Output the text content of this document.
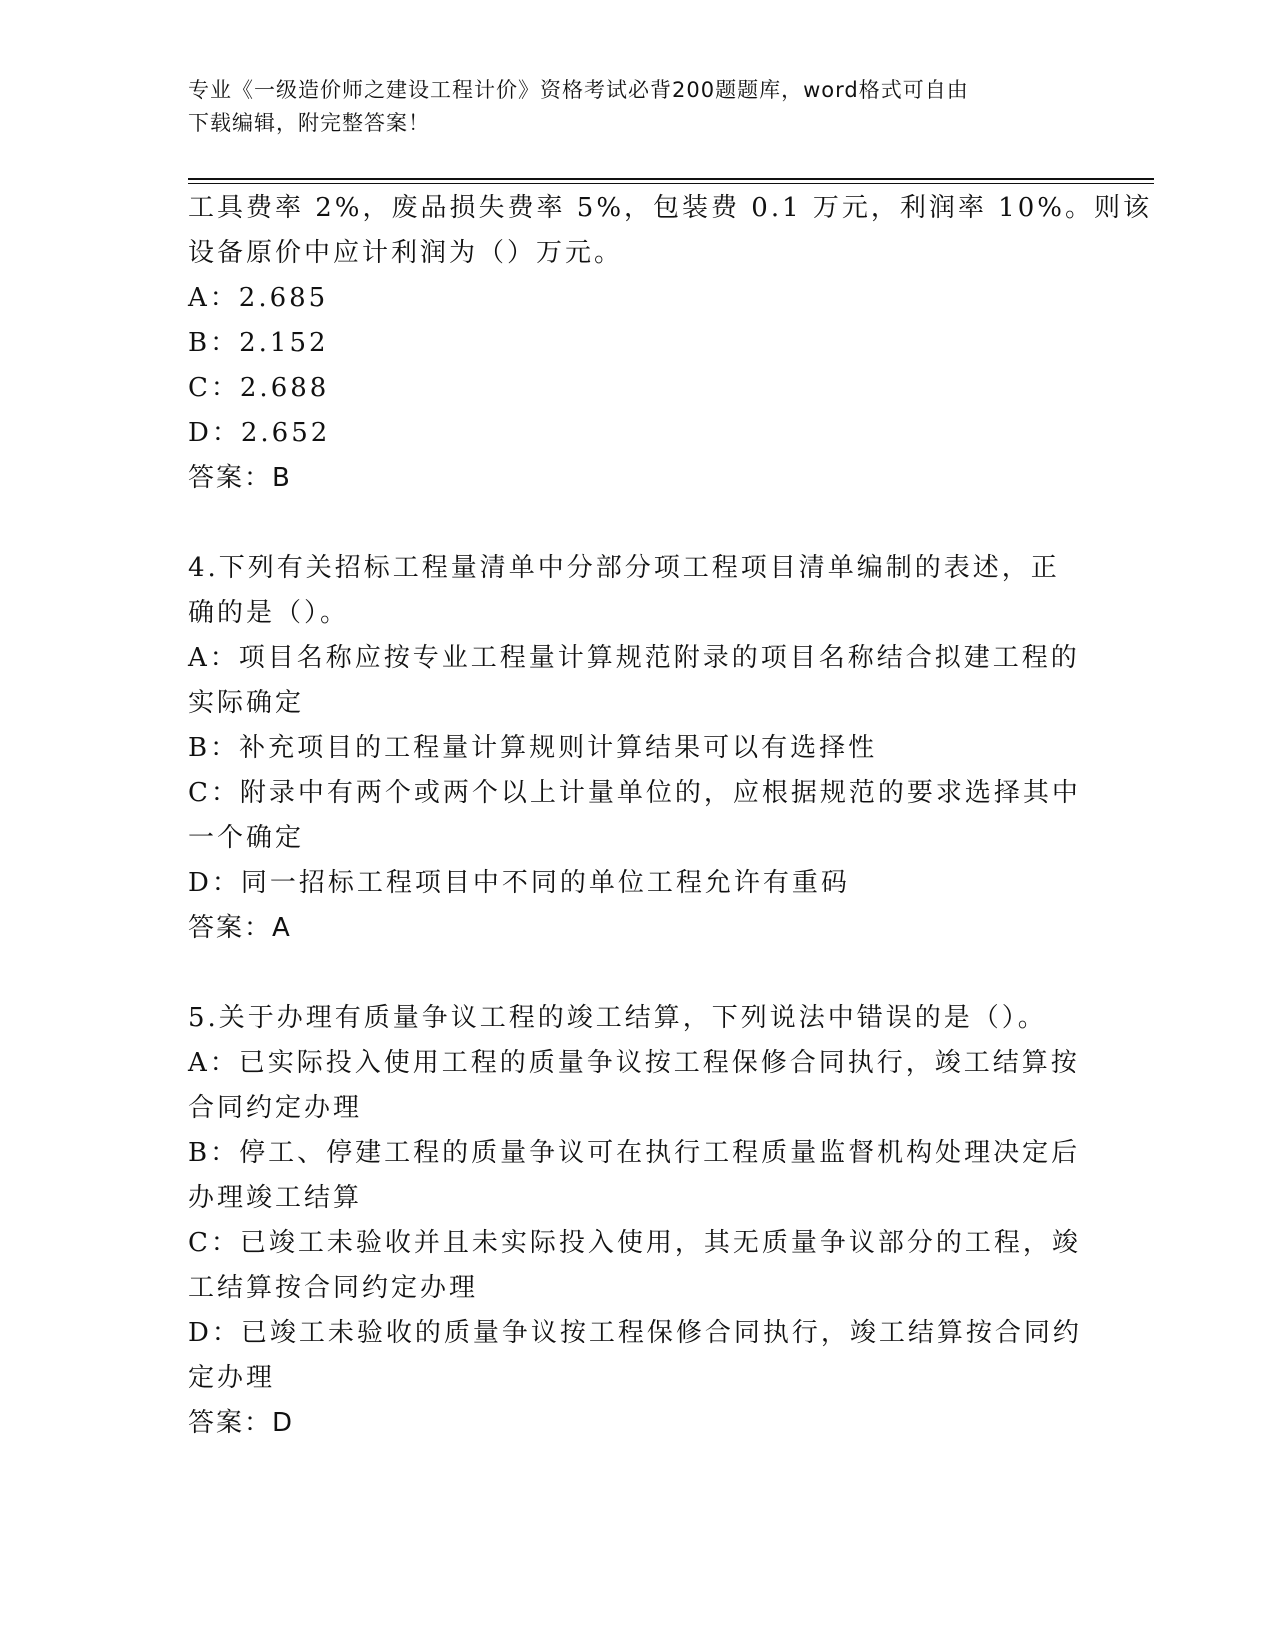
专业《一级造价师之建设工程计价》资格考试必背200题题库，word格式可自由
下载编辑，附完整答案！
工具费率 2%，废品损失费率 5%，包装费 0.1 万元，利润率 10%。则该
设备原价中应计利润为（）万元。
A：2.685
B：2.152
C：2.688
D：2.652
答案：B
4.下列有关招标工程量清单中分部分项工程项目清单编制的表述，正
确的是（）。
A：项目名称应按专业工程量计算规范附录的项目名称结合拟建工程的
实际确定
B：补充项目的工程量计算规则计算结果可以有选择性
C：附录中有两个或两个以上计量单位的，应根据规范的要求选择其中
一个确定
D：同一招标工程项目中不同的单位工程允许有重码
答案：A
5.关于办理有质量争议工程的竣工结算，下列说法中错误的是（）。
A：已实际投入使用工程的质量争议按工程保修合同执行，竣工结算按
合同约定办理
B：停工、停建工程的质量争议可在执行工程质量监督机构处理决定后
办理竣工结算
C：已竣工未验收并且未实际投入使用，其无质量争议部分的工程，竣
工结算按合同约定办理
D：已竣工未验收的质量争议按工程保修合同执行，竣工结算按合同约
定办理
答案：D
